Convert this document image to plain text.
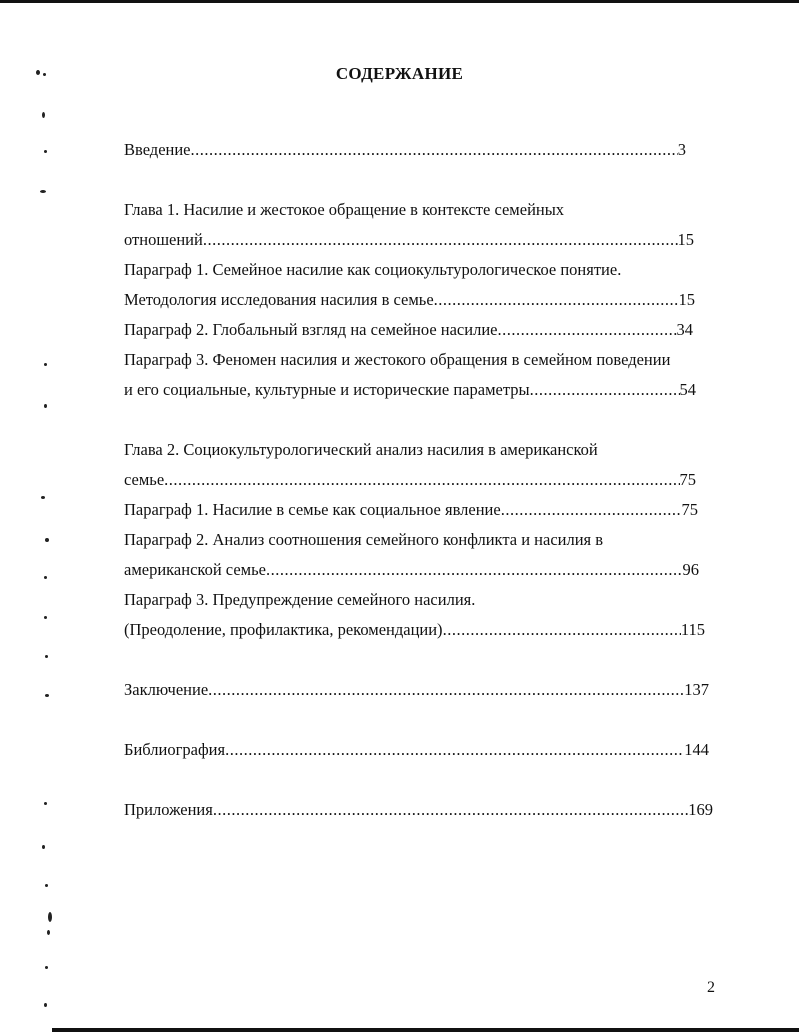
СОДЕРЖАНИЕ
Введение .....	3
Глава 1. Насилие и жестокое обращение в контексте семейных
отношений .....	15
Параграф 1. Семейное насилие как социокультурологическое понятие.
Методология исследования насилия в семье .....	15
Параграф 2. Глобальный взгляд на семейное насилие .....	34
Параграф 3. Феномен насилия и жестокого обращения в семейном поведении
и его социальные, культурные и исторические параметры .....	54
Глава 2. Социокультурологический анализ насилия в американской
семье .....	75
Параграф 1. Насилие в семье как социальное явление .....	75
Параграф 2. Анализ соотношения семейного конфликта и насилия в
американской семье .....	96
Параграф 3. Предупреждение семейного насилия.
(Преодоление, профилактика, рекомендации) .....	115
Заключение .....	137
Библиография .....	144
Приложения .....	169
2
